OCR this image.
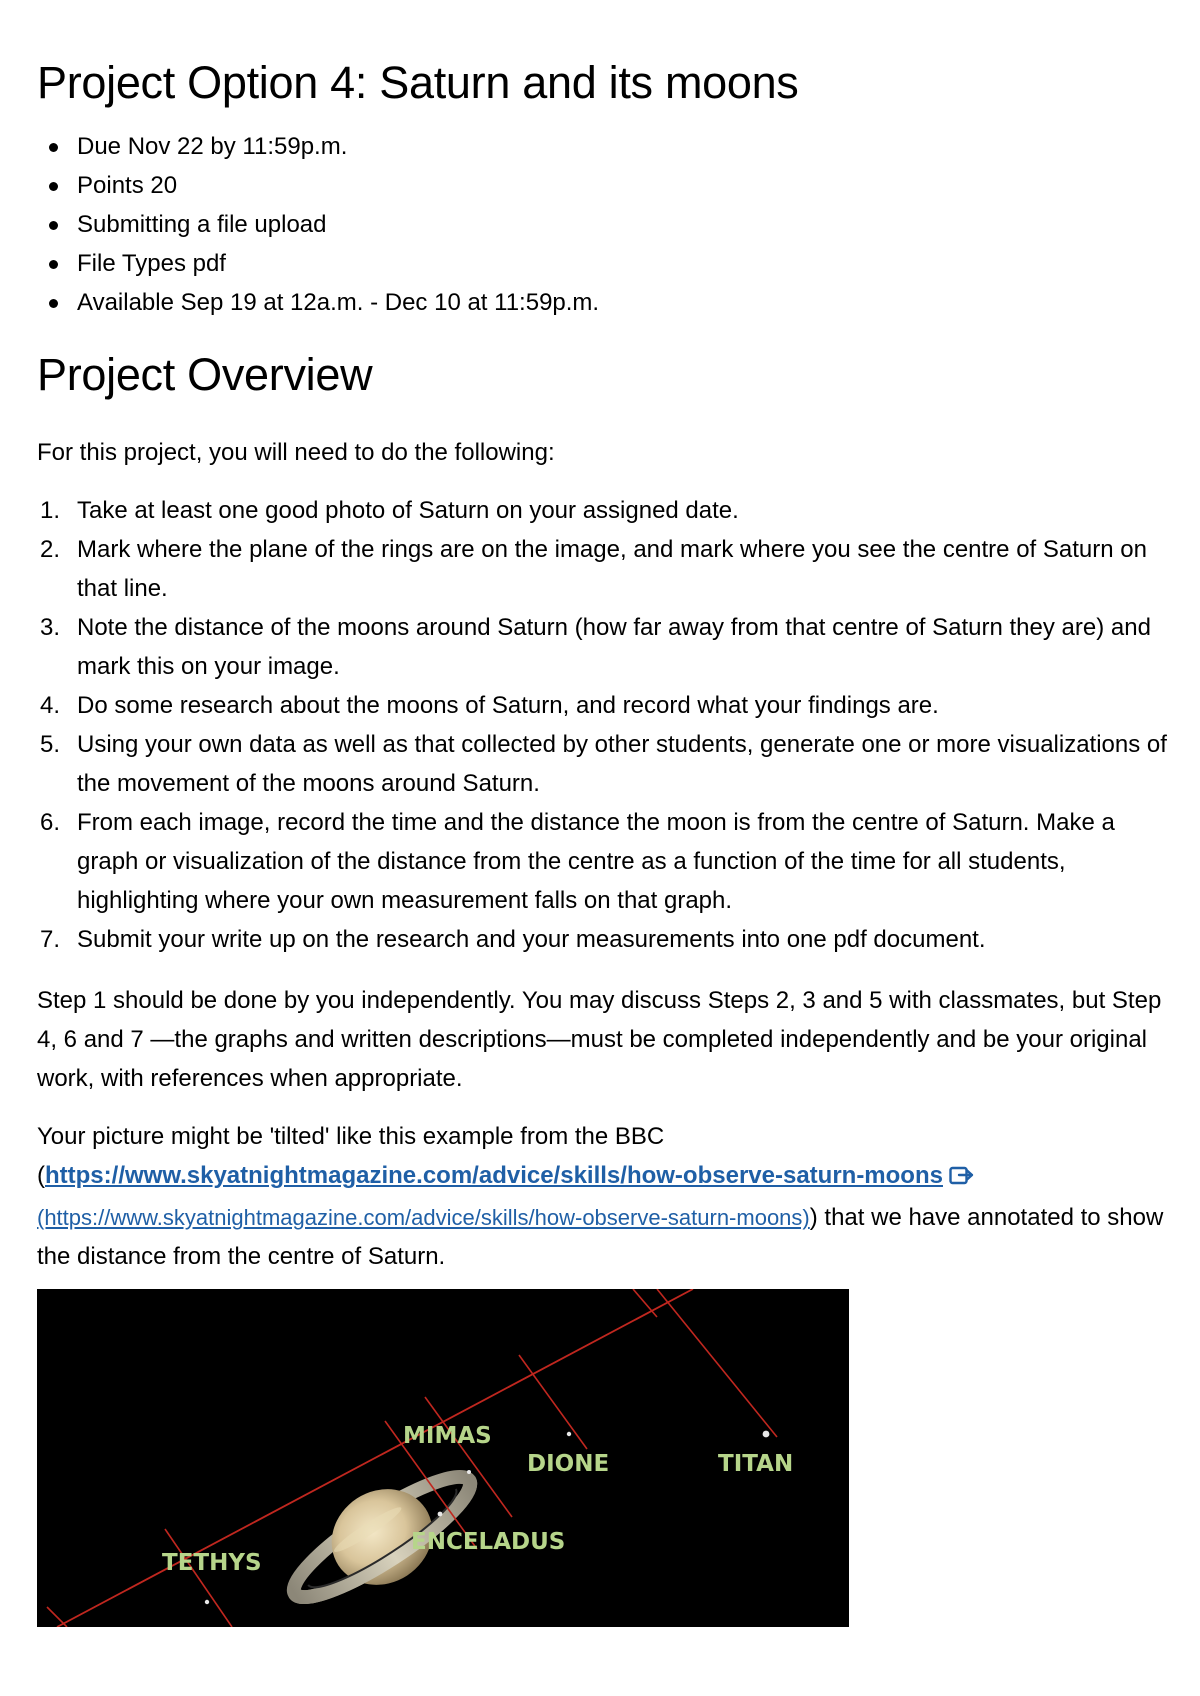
Project Option 4: Saturn and its moons
Due Nov 22 by 11:59p.m.
Points 20
Submitting a file upload
File Types pdf
Available Sep 19 at 12a.m. - Dec 10 at 11:59p.m.
Project Overview

For this project, you will need to do the following:

1. Take at least one good photo of Saturn on your assigned date.
2. Mark where the plane of the rings are on the image, and mark where you see the centre of Saturn on that line.
3. Note the distance of the moons around Saturn (how far away from that centre of Saturn they are) and mark this on your image.
4. Do some research about the moons of Saturn, and record what your findings are.
5. Using your own data as well as that collected by other students, generate one or more visualizations of the movement of the moons around Saturn.
6. From each image, record the time and the distance the moon is from the centre of Saturn. Make a graph or visualization of the distance from the centre as a function of the time for all students, highlighting where your own measurement falls on that graph.
7. Submit your write up on the research and your measurements into one pdf document.

Step 1 should be done by you independently. You may discuss Steps 2, 3 and 5 with classmates, but Step 4, 6 and 7 —the graphs and written descriptions—must be completed independently and be your original work, with references when appropriate.

Your picture might be 'tilted' like this example from the BBC (https://www.skyatnightmagazine.com/advice/skills/how-observe-saturn-moons
(https://www.skyatnightmagazine.com/advice/skills/how-observe-saturn-moons)) that we have annotated to show the distance from the centre of Saturn.

MIMAS
DIONE	TITAN
ENCELADUS
TETHYS
